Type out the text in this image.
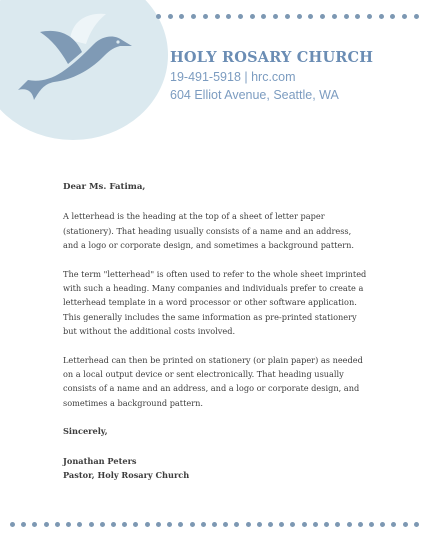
HOLY ROSARY CHURCH
19-491-5918 | hrc.com
604 Elliot Avenue, Seattle, WA

Dear Ms. Fatima,

A letterhead is the heading at the top of a sheet of letter paper (stationery). That heading usually consists of a name and an address, and a logo or corporate design, and sometimes a background pattern.

The term "letterhead" is often used to refer to the whole sheet imprinted with such a heading. Many companies and individuals prefer to create a letterhead template in a word processor or other software application. This generally includes the same information as pre-printed stationery but without the additional costs involved.

Letterhead can then be printed on stationery (or plain paper) as needed on a local output device or sent electronically. That heading usually consists of a name and an address, and a logo or corporate design, and sometimes a background pattern.

Sincerely,

Jonathan Peters
Pastor, Holy Rosary Church
